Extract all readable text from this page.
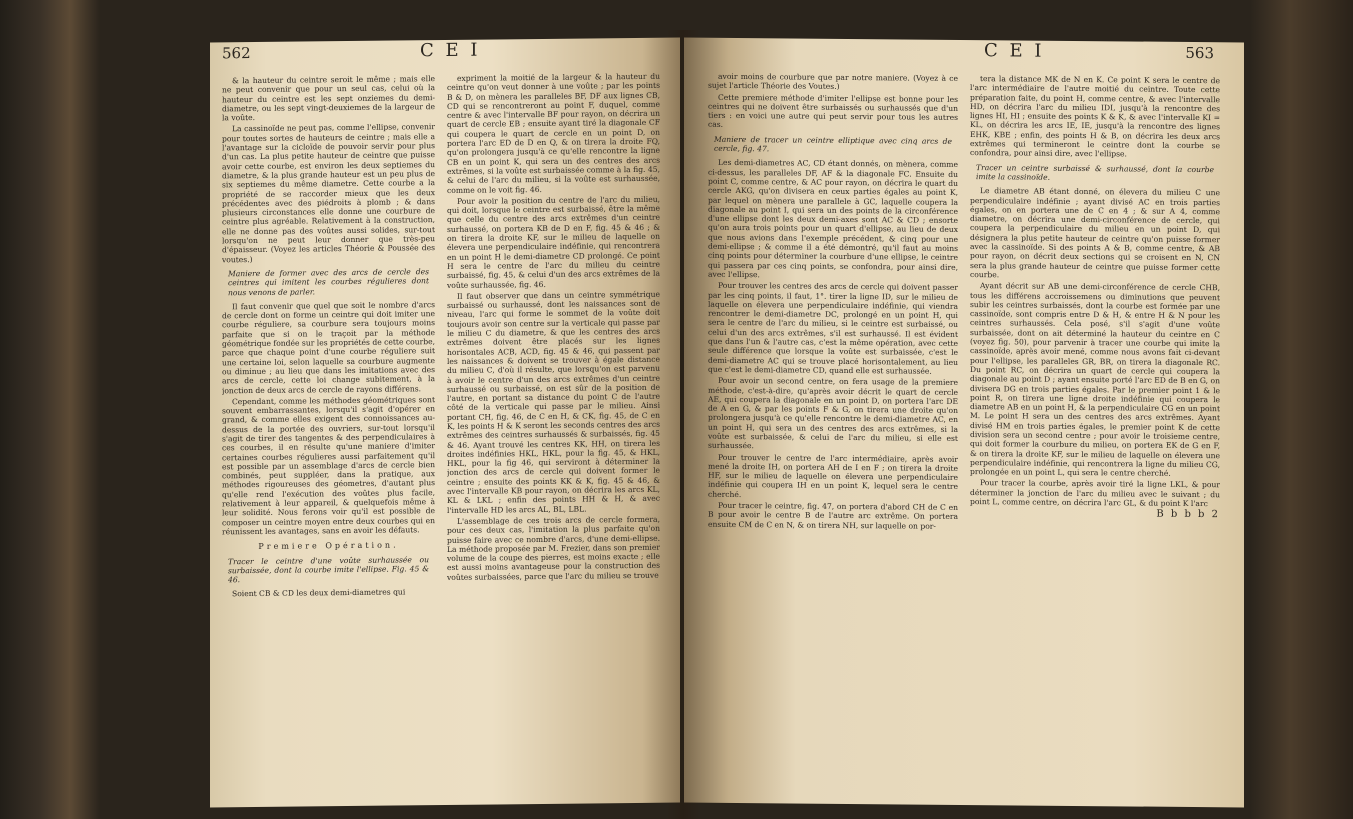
562	C E I

& la hauteur du ceintre seroit le même ; mais elle ne peut convenir que pour un seul cas, celui où la hauteur du ceintre est les sept onziemes du demi-diametre, ou les sept vingt-deuxiemes de la largeur de la voûte.

La cassinoïde ne peut pas, comme l'ellipse, convenir pour toutes sortes de hauteurs de ceintre ; mais elle a l'avantage sur la cicloïde de pouvoir servir pour plus d'un cas. La plus petite hauteur de ceintre que puisse avoir cette courbe, est environ les deux septiemes du diametre, & la plus grande hauteur est un peu plus de six septiemes du même diametre. Cette courbe a la propriété de se raccorder mieux que les deux précédentes avec des piédroits à plomb ; & dans plusieurs circonstances elle donne une courbure de ceintre plus agréable. Relativement à la construction, elle ne donne pas des voûtes aussi solides, sur-tout lorsqu'on ne peut leur donner que très-peu d'épaisseur. (Voyez les articles Théorie & Poussée des voutes.)

Maniere de former avec des arcs de cercle des ceintres qui imitent les courbes régulieres dont nous venons de parler.

Il faut convenir que quel que soit le nombre d'arcs de cercle dont on forme un ceintre qui doit imiter une courbe réguliere, sa courbure sera toujours moins parfaite que si on le traçoit par la méthode géométrique fondée sur les propriétés de cette courbe, parce que chaque point d'une courbe réguliere suit une certaine loi, selon laquelle sa courbure augmente ou diminue ; au lieu que dans les imitations avec des arcs de cercle, cette loi change subitement, à la jonction de deux arcs de cercle de rayons différens.

Cependant, comme les méthodes géométriques sont souvent embarrassantes, lorsqu'il s'agit d'opérer en grand, & comme elles exigent des connoissances au-dessus de la portée des ouvriers, sur-tout lorsqu'il s'agit de tirer des tangentes & des perpendiculaires à ces courbes, il en résulte qu'une maniere d'imiter certaines courbes régulieres aussi parfaitement qu'il est possible par un assemblage d'arcs de cercle bien combinés, peut suppléer, dans la pratique, aux méthodes rigoureuses des géometres, d'autant plus qu'elle rend l'exécution des voûtes plus facile, relativement à leur appareil, & quelquefois même à leur solidité. Nous ferons voir qu'il est possible de composer un ceintre moyen entre deux courbes qui en réunissent les avantages, sans en avoir les défauts.

Premiere Opération.

Tracer le ceintre d'une voûte surhaussée ou surbaissée, dont la courbe imite l'ellipse. Fig. 45 & 46.

Soient CB & CD les deux demi-diametres qui

expriment la moitié de la largeur & la hauteur du ceintre qu'on veut donner à une voûte ; par les points B & D, on mènera les paralleles BF, DF aux lignes CB, CD qui se rencontreront au point F, duquel, comme centre & avec l'intervalle BF pour rayon, on décrira un quart de cercle EB ; ensuite ayant tiré la diagonale CF qui coupera le quart de cercle en un point D, on portera l'arc ED de D en Q, & on tirera la droite FQ, qu'on prolongera jusqu'à ce qu'elle rencontre la ligne CB en un point K, qui sera un des centres des arcs extrêmes, si la voûte est surbaissée comme à la fig. 45, & celui de l'arc du milieu, si la voûte est surhaussée, comme on le voit fig. 46.

Pour avoir la position du centre de l'arc du milieu, qui doit, lorsque le ceintre est surbaissé, être la même que celle du centre des arcs extrêmes d'un ceintre surhaussé, on portera KB de D en F, fig. 45 & 46 ; & on tirera la droite KF, sur le milieu de laquelle on élevera une perpendiculaire indéfinie, qui rencontrera en un point H le demi-diametre CD prolongé. Ce point H sera le centre de l'arc du milieu du ceintre surbaissé, fig. 45, & celui d'un des arcs extrêmes de la voûte surhaussée, fig. 46.

Il faut observer que dans un ceintre symmétrique surbaissé ou surhaussé, dont les naissances sont de niveau, l'arc qui forme le sommet de la voûte doit toujours avoir son centre sur la verticale qui passe par le milieu C du diametre, & que les centres des arcs extrêmes doivent être placés sur les lignes horisontales ACB, ACD, fig. 45 & 46, qui passent par les naissances & doivent se trouver à égale distance du milieu C, d'où il résulte, que lorsqu'on est parvenu à avoir le centre d'un des arcs extrêmes d'un ceintre surhaussé ou surbaissé, on est sûr de la position de l'autre, en portant sa distance du point C de l'autre côté de la verticale qui passe par le milieu. Ainsi portant CH, fig. 46, de C en H, & CK, fig. 45, de C en K, les points H & K seront les seconds centres des arcs extrêmes des ceintres surhaussés & surbaissés, fig. 45 & 46. Ayant trouvé les centres KK, HH, on tirera les droites indéfinies HKL, HKL, pour la fig. 45, & HKL, HKL, pour la fig 46, qui serviront à déterminer la jonction des arcs de cercle qui doivent former le ceintre ; ensuite des points KK & K, fig. 45 & 46, & avec l'intervalle KB pour rayon, on décrira les arcs KL, KL & LKL ; enfin des points HH & H, & avec l'intervalle HD les arcs AL, BL, LBL.

L'assemblage de ces trois arcs de cercle formera, pour ces deux cas, l'imitation la plus parfaite qu'on puisse faire avec ce nombre d'arcs, d'une demi-ellipse. La méthode proposée par M. Frezier, dans son premier volume de la coupe des pierres, est moins exacte ; elle est aussi moins avantageuse pour la construction des voûtes surbaissées, parce que l'arc du milieu se trouve

C E I	563

avoir moins de courbure que par notre maniere. (Voyez à ce sujet l'article Théorie des Voutes.)

Cette premiere méthode d'imiter l'ellipse est bonne pour les ceintres qui ne doivent être surbaissés ou surhaussés que d'un tiers : en voici une autre qui peut servir pour tous les autres cas.

Maniere de tracer un ceintre elliptique avec cinq arcs de cercle, fig. 47.

Les demi-diametres AC, CD étant donnés, on mènera, comme ci-dessus, les paralleles DF, AF & la diagonale FC. Ensuite du point C, comme centre, & AC pour rayon, on décrira le quart du cercle AKG, qu'on divisera en ceux parties égales au point K, par lequel on mènera une parallele à GC, laquelle coupera la diagonale au point I, qui sera un des points de la circonférence d'une ellipse dont les deux demi-axes sont AC & CD ; ensorte qu'on aura trois points pour un quart d'ellipse, au lieu de deux que nous avions dans l'exemple précédent, & cinq pour une demi-ellipse ; & comme il a été démontré, qu'il faut au moins cinq points pour déterminer la courbure d'une ellipse, le ceintre qui passera par ces cinq points, se confondra, pour ainsi dire, avec l'ellipse.

Pour trouver les centres des arcs de cercle qui doivent passer par les cinq points, il faut, 1°. tirer la ligne ID, sur le milieu de laquelle on élevera une perpendiculaire indéfinie, qui viendra rencontrer le demi-diametre DC, prolongé en un point H, qui sera le centre de l'arc du milieu, si le ceintre est surbaissé, ou celui d'un des arcs extrêmes, s'il est surhaussé. Il est évident que dans l'un & l'autre cas, c'est la même opération, avec cette seule différence que lorsque la voûte est surbaissée, c'est le demi-diametre AC qui se trouve placé horisontalement, au lieu que c'est le demi-diametre CD, quand elle est surhaussée.

Pour avoir un second centre, on fera usage de la premiere méthode, c'est-à-dire, qu'après avoir décrit le quart de cercle AE, qui coupera la diagonale en un point D, on portera l'arc DE de A en G, & par les points F & G, on tirera une droite qu'on prolongera jusqu'à ce qu'elle rencontre le demi-diametre AC, en un point H, qui sera un des centres des arcs extrêmes, si la voûte est surbaissée, & celui de l'arc du milieu, si elle est surhaussée.

Pour trouver le centre de l'arc intermédiaire, après avoir mené la droite IH, on portera AH de I en F ; on tirera la droite HF, sur le milieu de laquelle on élevera une perpendiculaire indéfinie qui coupera IH en un point K, lequel sera le centre cherché.

Pour tracer le ceintre, fig. 47, on portera d'abord CH de C en B pour avoir le centre B de l'autre arc extrême. On portera ensuite CM de C en N, & on tirera NH, sur laquelle on por-

tera la distance MK de N en K. Ce point K sera le centre de l'arc intermédiaire de l'autre moitié du ceintre. Toute cette préparation faite, du point H, comme centre, & avec l'intervalle HD, on décrira l'arc du milieu IDI, jusqu'à la rencontre des lignes HI, HI ; ensuite des points K & K, & avec l'intervalle KI = KL, on décrira les arcs IE, IE, jusqu'à la rencontre des lignes EHK, KBE ; enfin, des points H & B, on décrira les deux arcs extrêmes qui termineront le ceintre dont la courbe se confondra, pour ainsi dire, avec l'ellipse.

Tracer un ceintre surbaissé & surhaussé, dont la courbe imite la cassinoïde.

Le diametre AB étant donné, on élevera du milieu C une perpendiculaire indéfinie ; ayant divisé AC en trois parties égales, on en portera une de C en 4 ; & sur A 4, comme diametre, on décrira une demi-circonférence de cercle, qui coupera la perpendiculaire du milieu en un point D, qui désignera la plus petite hauteur de ceintre qu'on puisse former avec la cassinoïde. Si des points A & B, comme centre, & AB pour rayon, on décrit deux sections qui se croisent en N, CN sera la plus grande hauteur de ceintre que puisse former cette courbe.

Ayant décrit sur AB une demi-circonférence de cercle CHB, tous les différens accroissemens ou diminutions que peuvent subir les ceintres surbaissés, dont la courbe est formée par une cassinoïde, sont compris entre D & H, & entre H & N pour les ceintres surhaussés. Cela posé, s'il s'agit d'une voûte surbaissée, dont on ait déterminé la hauteur du ceintre en C (voyez fig. 50), pour parvenir à tracer une courbe qui imite la cassinoïde, après avoir mené, comme nous avons fait ci-devant pour l'ellipse, les paralleles GR, BR, on tirera la diagonale RC. Du point RC, on décrira un quart de cercle qui coupera la diagonale au point D ; ayant ensuite porté l'arc ED de B en G, on divisera DG en trois parties égales. Par le premier point 1 & le point R, on tirera une ligne droite indéfinie qui coupera le diametre AB en un point H, & la perpendiculaire CG en un point M. Le point H sera un des centres des arcs extrêmes. Ayant divisé HM en trois parties égales, le premier point K de cette division sera un second centre ; pour avoir le troisieme centre, qui doit former la courbure du milieu, on portera EK de G en F, & on tirera la droite KF, sur le milieu de laquelle on élevera une perpendiculaire indéfinie, qui rencontrera la ligne du milieu CG, prolongée en un point L, qui sera le centre cherché.

Pour tracer la courbe, après avoir tiré la ligne LKL, & pour déterminer la jonction de l'arc du milieu avec le suivant ; du point L, comme centre, on décrira l'arc GL, & du point K l'arc

B b b b 2
